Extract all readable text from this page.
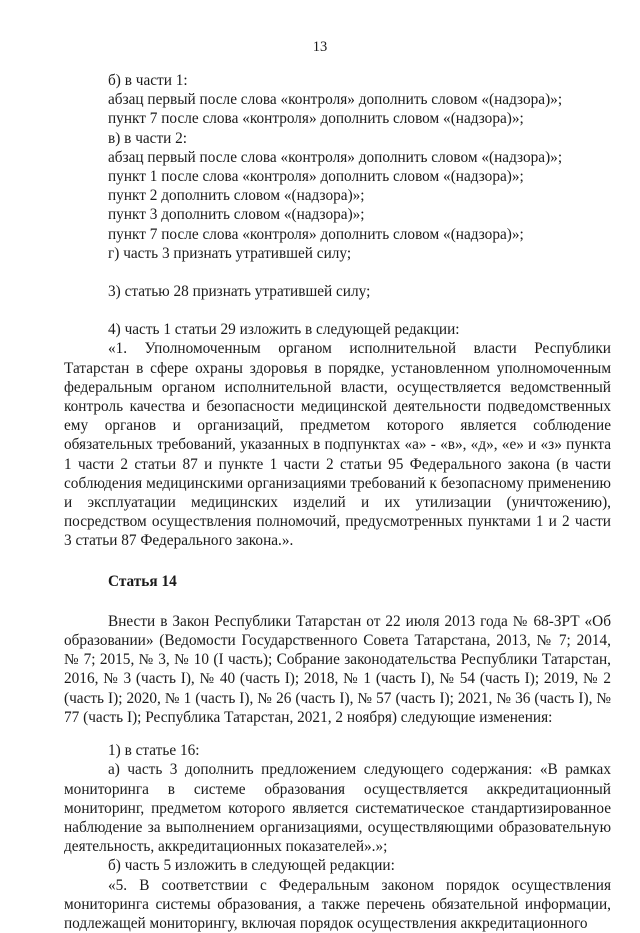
13

б) в части 1:

абзац первый после слова «контроля» дополнить словом «(надзора)»;

пункт 7 после слова «контроля» дополнить словом «(надзора)»;

в) в части 2:

абзац первый после слова «контроля» дополнить словом «(надзора)»;

пункт 1 после слова «контроля» дополнить словом «(надзора)»;

пункт 2 дополнить словом «(надзора)»;

пункт 3 дополнить словом «(надзора)»;

пункт 7 после слова «контроля» дополнить словом «(надзора)»;

г) часть 3 признать утратившей силу;

3) статью 28 признать утратившей силу;

4) часть 1 статьи 29 изложить в следующей редакции:

«1. Уполномоченным органом исполнительной власти Республики Татарстан в сфере охраны здоровья в порядке, установленном уполномоченным федеральным органом исполнительной власти, осуществляется ведомственный контроль качества и безопасности медицинской деятельности подведомственных ему органов и организаций, предметом которого является соблюдение обязательных требований, указанных в подпунктах «а» - «в», «д», «е» и «з» пункта 1 части 2 статьи 87 и пункте 1 части 2 статьи 95 Федерального закона (в части соблюдения медицинскими организациями требований к безопасному применению и эксплуатации медицинских изделий и их утилизации (уничтожению), посредством осуществления полномочий, предусмотренных пунктами 1 и 2 части 3 статьи 87 Федерального закона.».

Статья 14

Внести в Закон Республики Татарстан от 22 июля 2013 года № 68-ЗРТ «Об образовании» (Ведомости Государственного Совета Татарстана, 2013, № 7; 2014, № 7; 2015, № 3, № 10 (I часть); Собрание законодательства Республики Татарстан, 2016, № 3 (часть I), № 40 (часть I); 2018, № 1 (часть I), № 54 (часть I); 2019, № 2 (часть I); 2020, № 1 (часть I), № 26 (часть I), № 57 (часть I); 2021, № 36 (часть I), № 77 (часть I); Республика Татарстан, 2021, 2 ноября) следующие изменения:

1) в статье 16:

а) часть 3 дополнить предложением следующего содержания: «В рамках мониторинга в системе образования осуществляется аккредитационный мониторинг, предметом которого является систематическое стандартизированное наблюдение за выполнением организациями, осуществляющими образовательную деятельность, аккредитационных показателей».»;

б) часть 5 изложить в следующей редакции:

«5. В соответствии с Федеральным законом порядок осуществления мониторинга системы образования, а также перечень обязательной информации, подлежащей мониторингу, включая порядок осуществления аккредитационного
